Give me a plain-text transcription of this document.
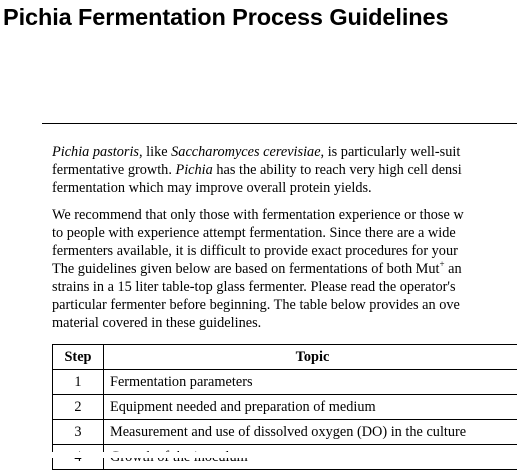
Pichia Fermentation Process Guidelines
Pichia pastoris, like Saccharomyces cerevisiae, is particularly well-suit
fermentative growth. Pichia has the ability to reach very high cell densi
fermentation which may improve overall protein yields.
We recommend that only those with fermentation experience or those w
to people with experience attempt fermentation. Since there are a wide
fermenters available, it is difficult to provide exact procedures for your
The guidelines given below are based on fermentations of both Mut+ an
strains in a 15 liter table-top glass fermenter. Please read the operator's
particular fermenter before beginning. The table below provides an ove
material covered in these guidelines.
Step	Topic
1	Fermentation parameters
2	Equipment needed and preparation of medium
3	Measurement and use of dissolved oxygen (DO) in the culture
